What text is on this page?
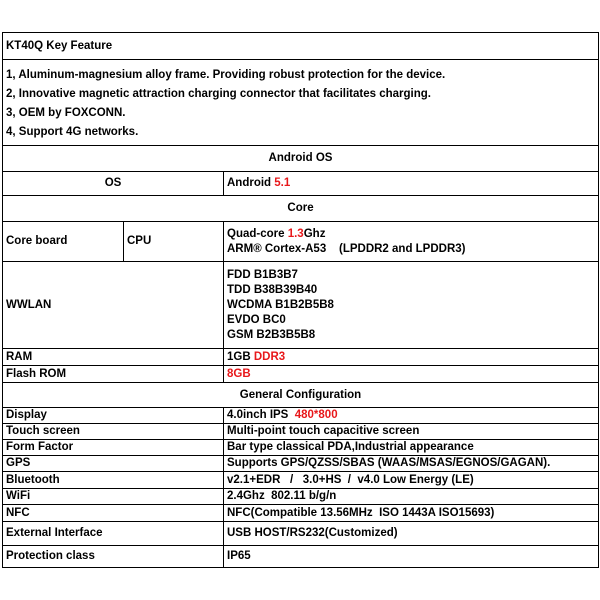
KT40Q Key Feature		

1, Aluminum-magnesium alloy frame. Providing robust protection for the device.
2, Innovative magnetic attraction charging connector that facilitates charging.
3, OEM by FOXCONN.
4, Support 4G networks.		

Android OS		
OS		Android 5.1
Core		
Core board	CPU	Quad-core 1.3Ghz
ARM® Cortex-A53    (LPDDR2 and LPDDR3)

WWLAN		FDD B1B3B7
TDD B38B39B40
WCDMA B1B2B5B8
EVDO BC0
GSM B2B3B5B8

RAM		1GB DDR3
Flash ROM		8GB
General Configuration		
Display		4.0inch IPS  480*800
Touch screen		Multi-point touch capacitive screen
Form Factor		Bar type classical PDA,Industrial appearance
GPS		Supports GPS/QZSS/SBAS (WAAS/MSAS/EGNOS/GAGAN).
Bluetooth		v2.1+EDR   /   3.0+HS  /  v4.0 Low Energy (LE)
WiFi		2.4Ghz  802.11 b/g/n
NFC		NFC(Compatible 13.56MHz  ISO 1443A ISO15693)
External Interface		USB HOST/RS232(Customized)
Protection class		IP65
